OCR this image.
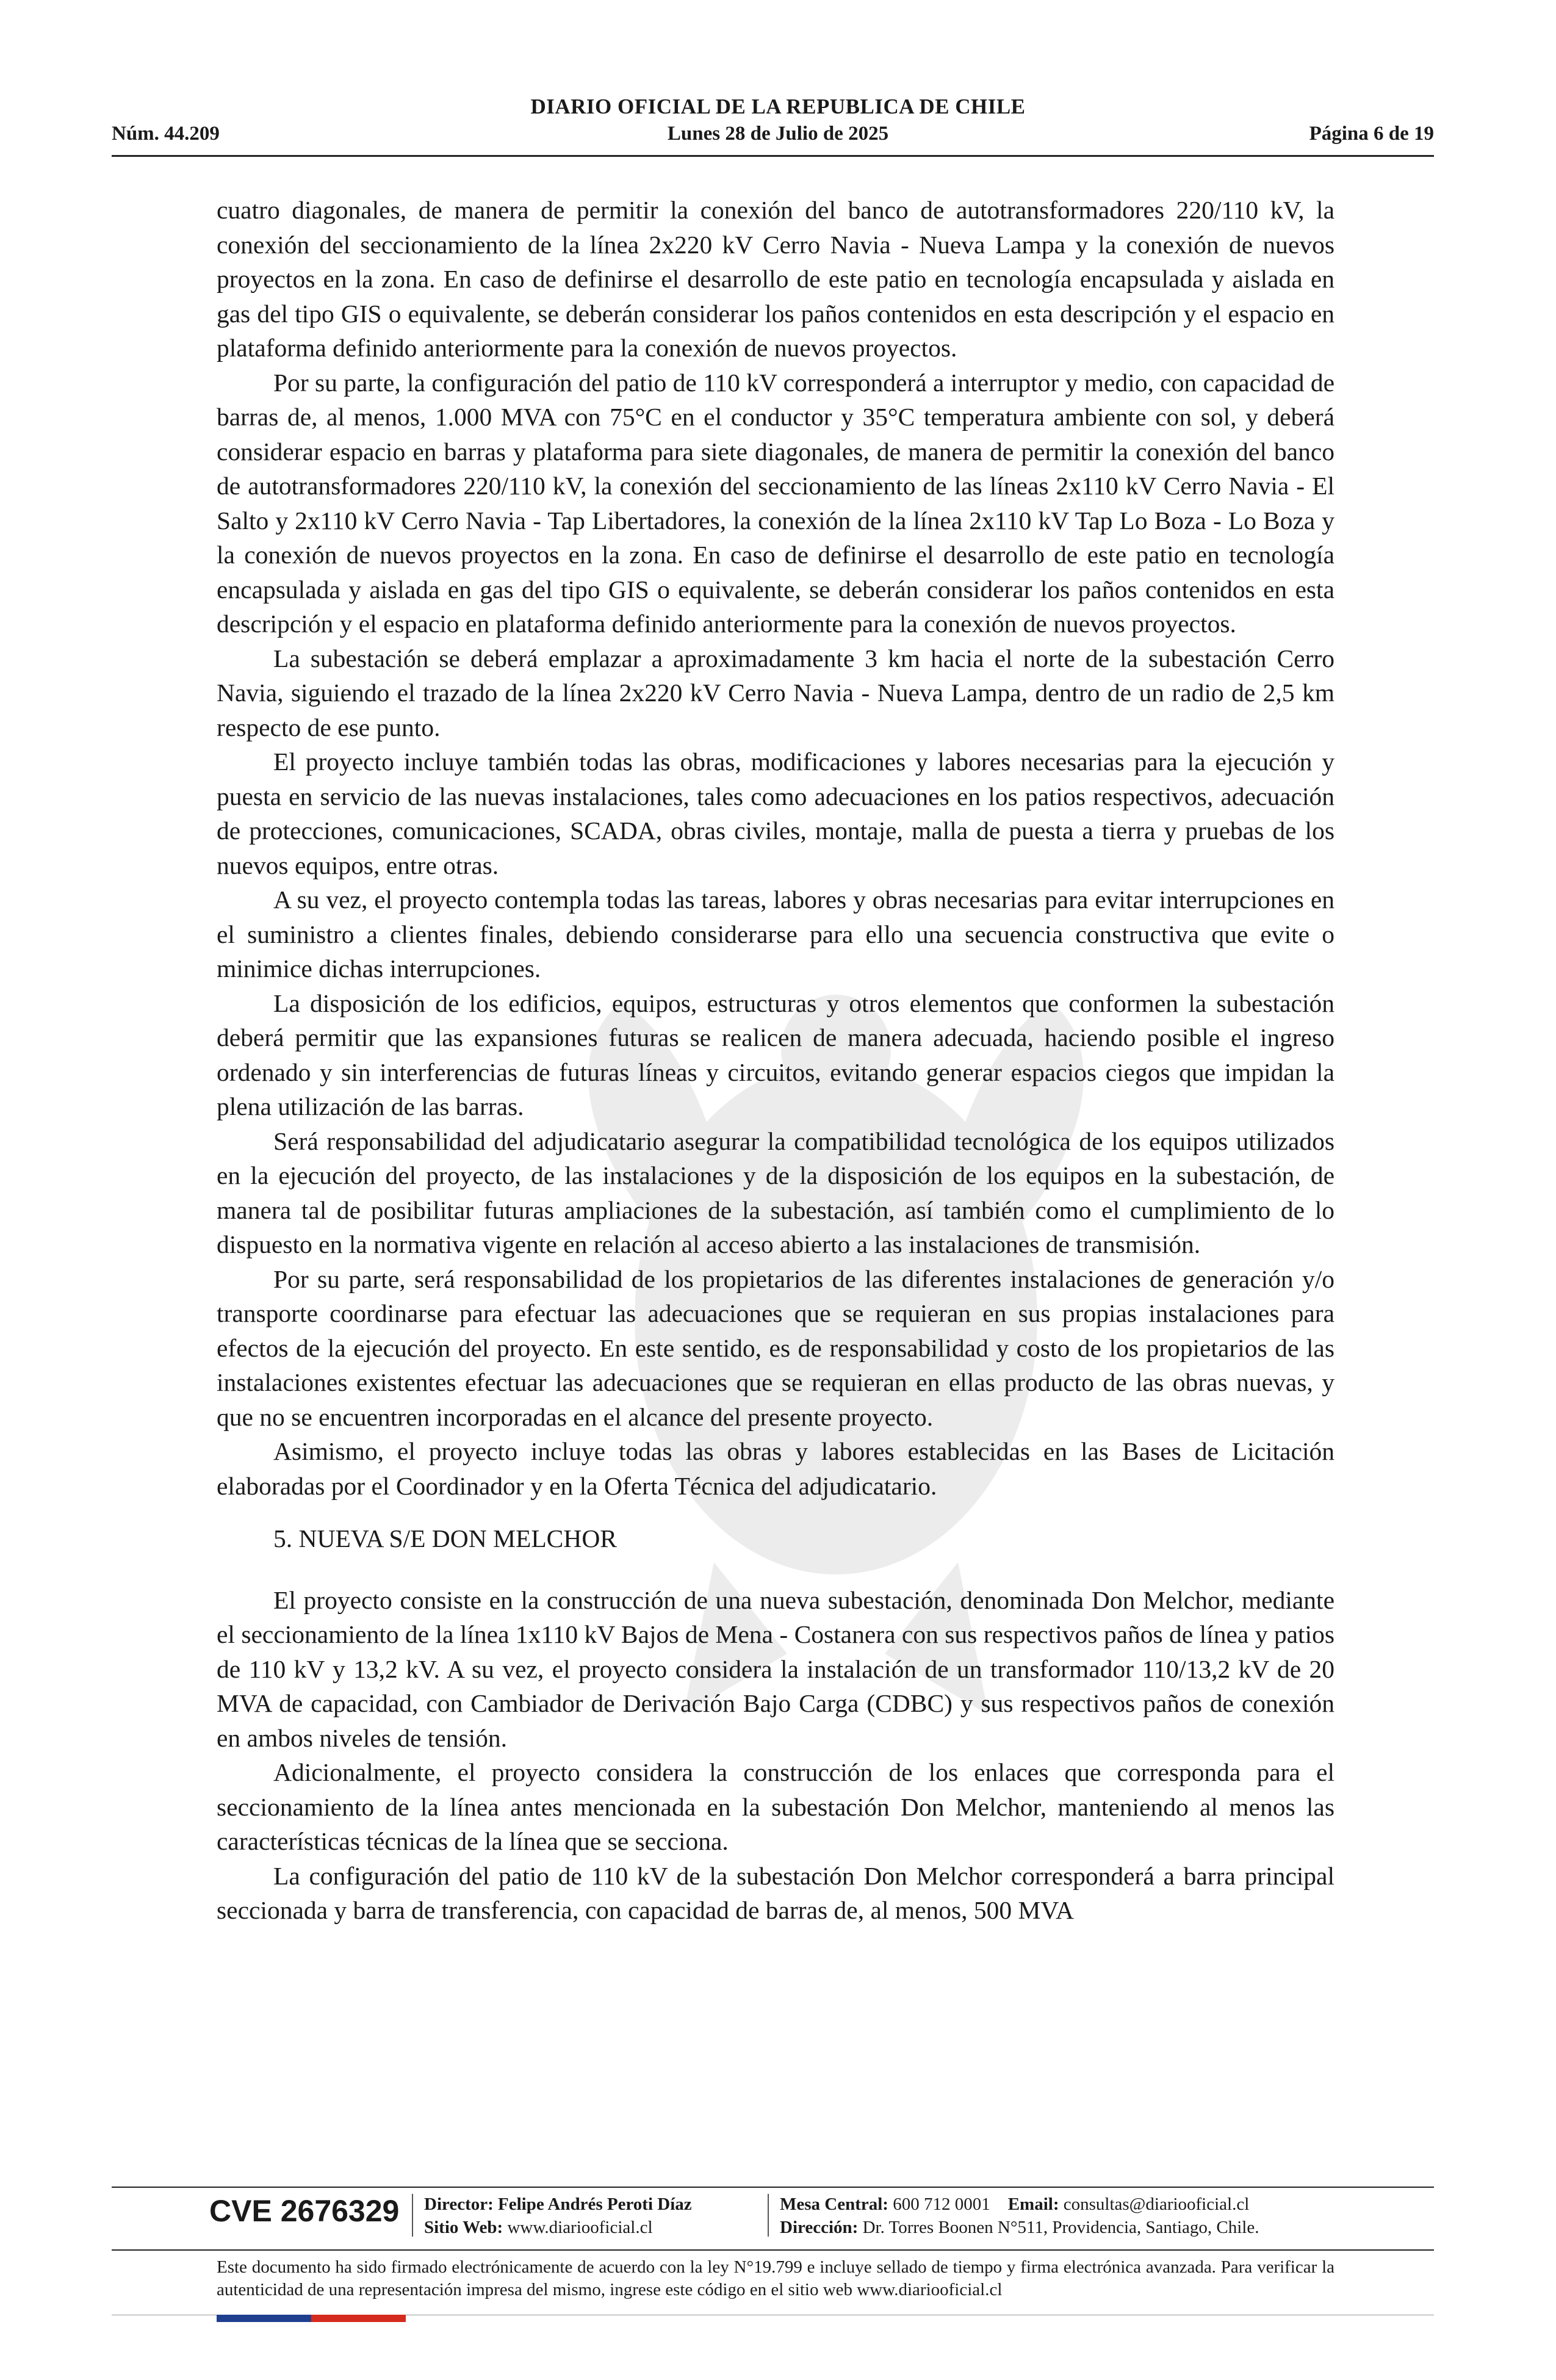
DIARIO OFICIAL DE LA REPUBLICA DE CHILE
Núm. 44.209	Lunes 28 de Julio de 2025	Página 6 de 19

cuatro diagonales, de manera de permitir la conexión del banco de autotransformadores 220/110 kV, la conexión del seccionamiento de la línea 2x220 kV Cerro Navia - Nueva Lampa y la conexión de nuevos proyectos en la zona. En caso de definirse el desarrollo de este patio en tecnología encapsulada y aislada en gas del tipo GIS o equivalente, se deberán considerar los paños contenidos en esta descripción y el espacio en plataforma definido anteriormente para la conexión de nuevos proyectos.

Por su parte, la configuración del patio de 110 kV corresponderá a interruptor y medio, con capacidad de barras de, al menos, 1.000 MVA con 75°C en el conductor y 35°C temperatura ambiente con sol, y deberá considerar espacio en barras y plataforma para siete diagonales, de manera de permitir la conexión del banco de autotransformadores 220/110 kV, la conexión del seccionamiento de las líneas 2x110 kV Cerro Navia - El Salto y 2x110 kV Cerro Navia - Tap Libertadores, la conexión de la línea 2x110 kV Tap Lo Boza - Lo Boza y la conexión de nuevos proyectos en la zona. En caso de definirse el desarrollo de este patio en tecnología encapsulada y aislada en gas del tipo GIS o equivalente, se deberán considerar los paños contenidos en esta descripción y el espacio en plataforma definido anteriormente para la conexión de nuevos proyectos.

La subestación se deberá emplazar a aproximadamente 3 km hacia el norte de la subestación Cerro Navia, siguiendo el trazado de la línea 2x220 kV Cerro Navia - Nueva Lampa, dentro de un radio de 2,5 km respecto de ese punto.

El proyecto incluye también todas las obras, modificaciones y labores necesarias para la ejecución y puesta en servicio de las nuevas instalaciones, tales como adecuaciones en los patios respectivos, adecuación de protecciones, comunicaciones, SCADA, obras civiles, montaje, malla de puesta a tierra y pruebas de los nuevos equipos, entre otras.

A su vez, el proyecto contempla todas las tareas, labores y obras necesarias para evitar interrupciones en el suministro a clientes finales, debiendo considerarse para ello una secuencia constructiva que evite o minimice dichas interrupciones.

La disposición de los edificios, equipos, estructuras y otros elementos que conformen la subestación deberá permitir que las expansiones futuras se realicen de manera adecuada, haciendo posible el ingreso ordenado y sin interferencias de futuras líneas y circuitos, evitando generar espacios ciegos que impidan la plena utilización de las barras.

Será responsabilidad del adjudicatario asegurar la compatibilidad tecnológica de los equipos utilizados en la ejecución del proyecto, de las instalaciones y de la disposición de los equipos en la subestación, de manera tal de posibilitar futuras ampliaciones de la subestación, así también como el cumplimiento de lo dispuesto en la normativa vigente en relación al acceso abierto a las instalaciones de transmisión.

Por su parte, será responsabilidad de los propietarios de las diferentes instalaciones de generación y/o transporte coordinarse para efectuar las adecuaciones que se requieran en sus propias instalaciones para efectos de la ejecución del proyecto. En este sentido, es de responsabilidad y costo de los propietarios de las instalaciones existentes efectuar las adecuaciones que se requieran en ellas producto de las obras nuevas, y que no se encuentren incorporadas en el alcance del presente proyecto.

Asimismo, el proyecto incluye todas las obras y labores establecidas en las Bases de Licitación elaboradas por el Coordinador y en la Oferta Técnica del adjudicatario.

5. NUEVA S/E DON MELCHOR

El proyecto consiste en la construcción de una nueva subestación, denominada Don Melchor, mediante el seccionamiento de la línea 1x110 kV Bajos de Mena - Costanera con sus respectivos paños de línea y patios de 110 kV y 13,2 kV. A su vez, el proyecto considera la instalación de un transformador 110/13,2 kV de 20 MVA de capacidad, con Cambiador de Derivación Bajo Carga (CDBC) y sus respectivos paños de conexión en ambos niveles de tensión.

Adicionalmente, el proyecto considera la construcción de los enlaces que corresponda para el seccionamiento de la línea antes mencionada en la subestación Don Melchor, manteniendo al menos las características técnicas de la línea que se secciona.

La configuración del patio de 110 kV de la subestación Don Melchor corresponderá a barra principal seccionada y barra de transferencia, con capacidad de barras de, al menos, 500 MVA

CVE 2676329 Director: Felipe Andrés Peroti Díaz
Sitio Web: www.diariooficial.cl
Mesa Central: 600 712 0001 Email: consultas@diariooficial.cl
Dirección: Dr. Torres Boonen N°511, Providencia, Santiago, Chile.
Este documento ha sido firmado electrónicamente de acuerdo con la ley N°19.799 e incluye sellado de tiempo y firma electrónica avanzada. Para verificar la autenticidad de una representación impresa del mismo, ingrese este código en el sitio web www.diariooficial.cl
